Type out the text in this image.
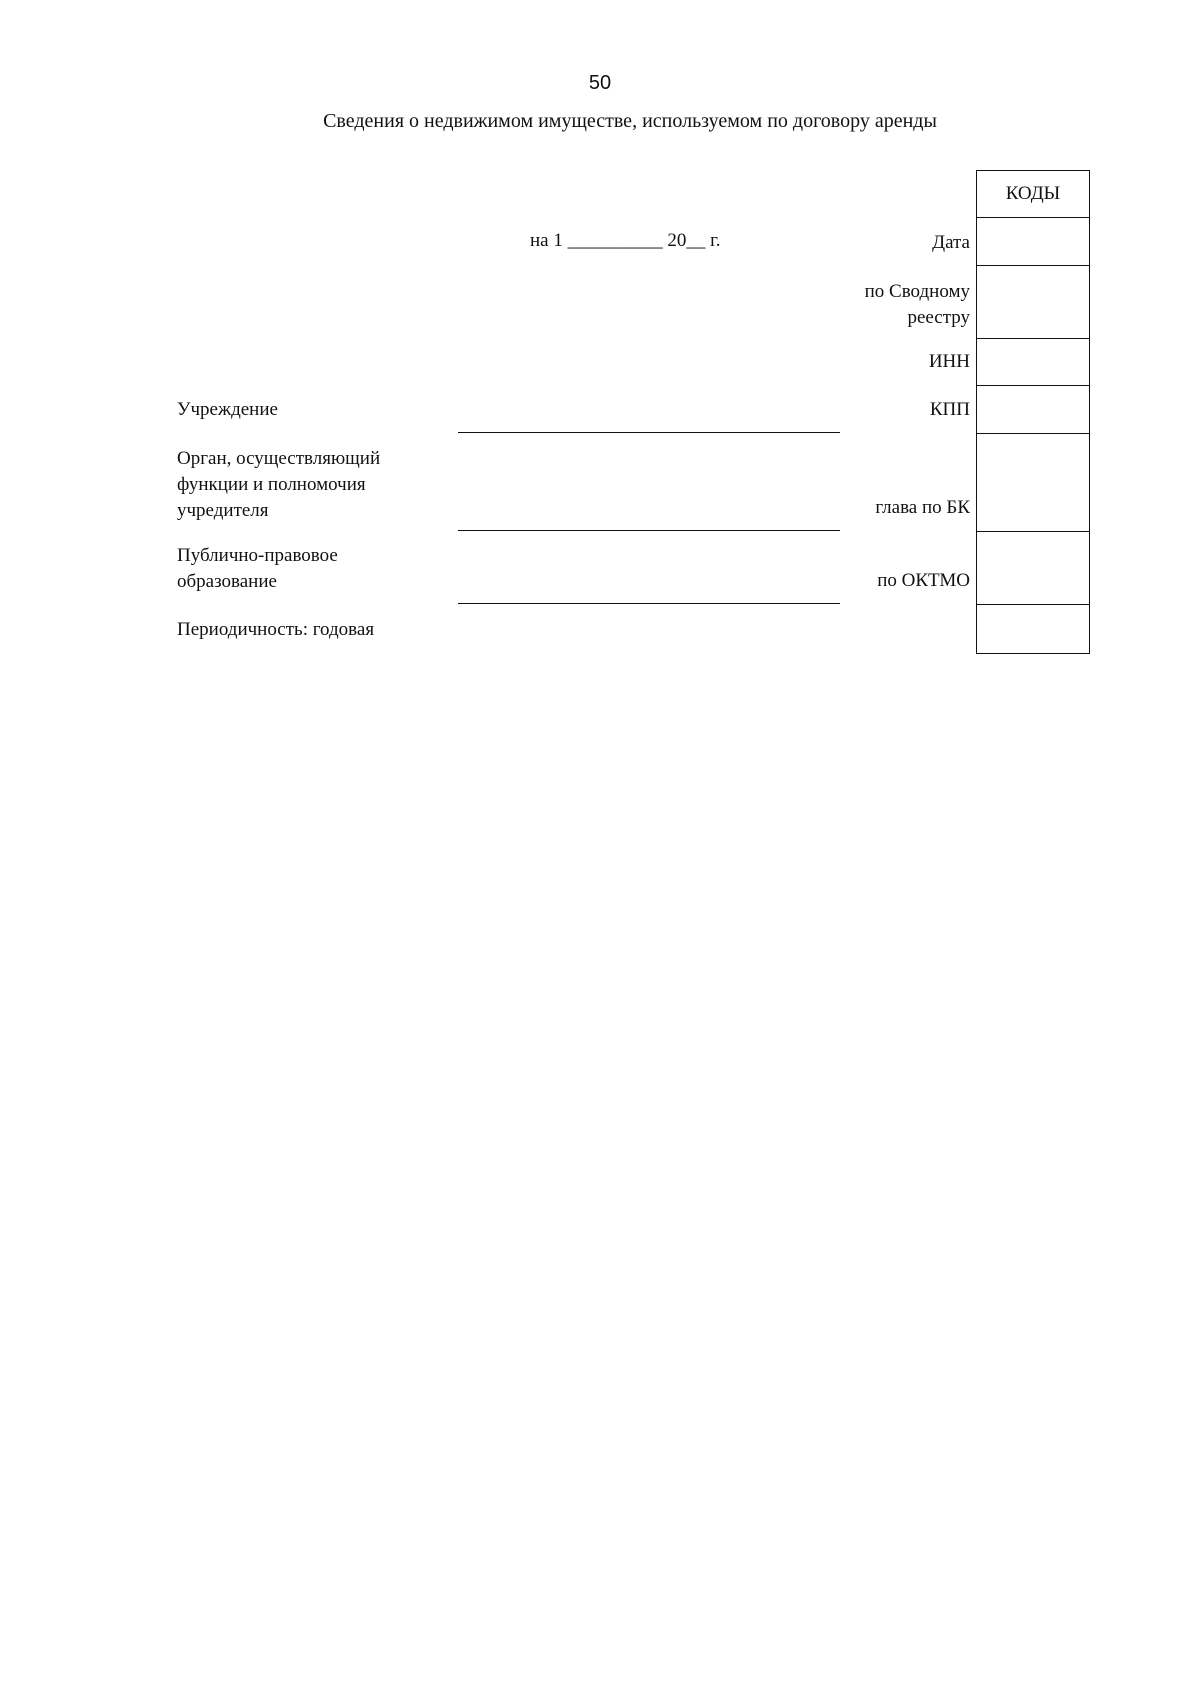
50
Сведения о недвижимом имуществе, используемом по договору аренды
на 1 __________ 20__ г.
КОДЫ
Дата
по Сводному
реестру
ИНН
КПП
глава по БК
по ОКТМО
Учреждение
Орган, осуществляющий
функции и полномочия
учредителя
Публично-правовое
образование
Периодичность: годовая
